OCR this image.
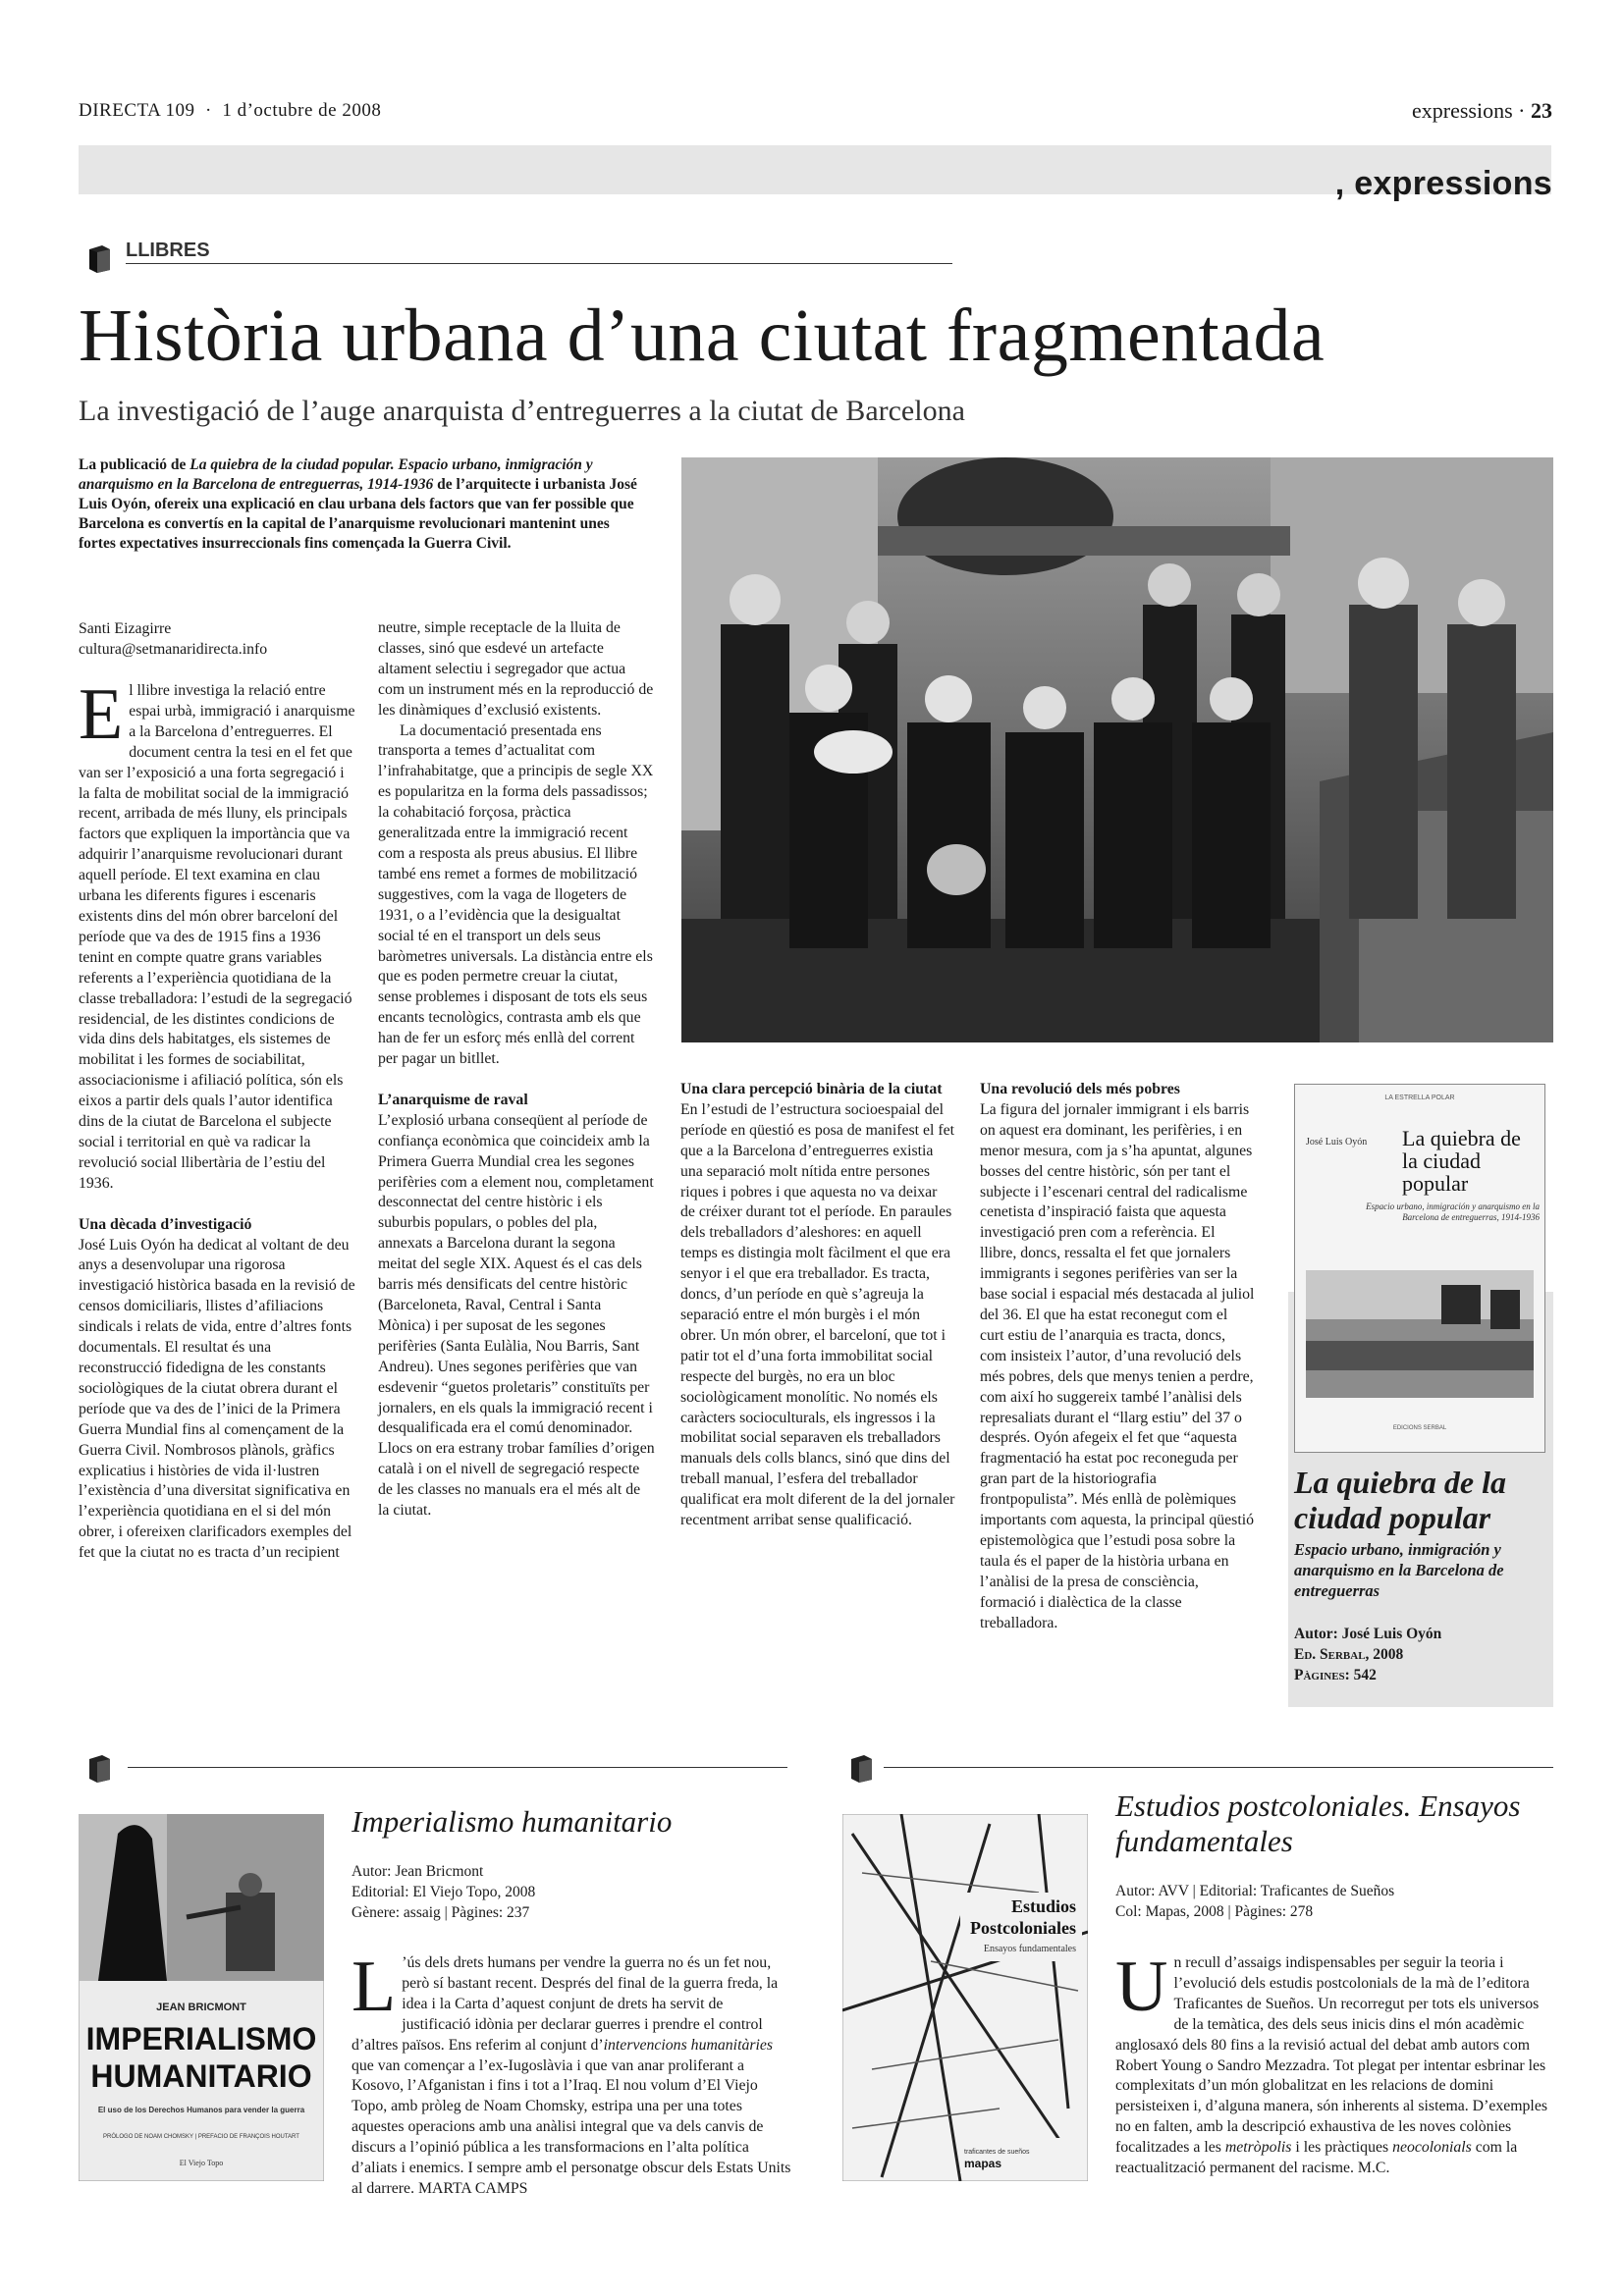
DIRECTA 109 · 1 d’octubre de 2008	expressions · 23
, expressions
LLIBRES
Història urbana d’una ciutat fragmentada
La investigació de l’auge anarquista d’entreguerres a la ciutat de Barcelona
La publicació de La quiebra de la ciudad popular. Espacio urbano, inmigración y anarquismo en la Barcelona de entreguerras, 1914-1936 de l’arquitecte i urbanista José Luis Oyón, ofereix una explicació en clau urbana dels factors que van fer possible que Barcelona es convertís en la capital de l’anarquisme revolucionari mantenint unes fortes expectatives insurreccionals fins començada la Guerra Civil.
Santi Eizagirre
cultura@setmanaridirecta.info

El llibre investiga la relació entre espai urbà, immigració i anarquisme a la Barcelona d’entreguerres. El document centra la tesi en el fet que van ser l’exposició a una forta segregació i la falta de mobilitat social de la immigració recent, arribada de més lluny, els principals factors que expliquen la importància que va adquirir l’anarquisme revolucionari durant aquell període. El text examina en clau urbana les diferents figures i escenaris existents dins del món obrer barceloní del període que va des de 1915 fins a 1936 tenint en compte quatre grans variables referents a l’experiència quotidiana de la classe treballadora: l’estudi de la segregació residencial, de les distintes condicions de vida dins dels habitatges, els sistemes de mobilitat i les formes de sociabilitat, associacionisme i afiliació política, són els eixos a partir dels quals l’autor identifica dins de la ciutat de Barcelona el subjecte social i territorial en què va radicar la revolució social llibertària de l’estiu del 1936.

Una dècada d’investigació

José Luis Oyón ha dedicat al voltant de deu anys a desenvolupar una rigorosa investigació històrica basada en la revisió de censos domiciliaris, llistes d’afiliacions sindicals i relats de vida, entre d’altres fonts documentals. El resultat és una reconstrucció fidedigna de les constants sociològiques de la ciutat obrera durant el període que va des de l’inici de la Primera Guerra Mundial fins al començament de la Guerra Civil. Nombrosos plànols, gràfics explicatius i històries de vida il·lustren l’existència d’una diversitat significativa en l’experiència quotidiana en el si del món obrer, i ofereixen clarificadors exemples del fet que la ciutat no es tracta d’un recipient

neutre, simple receptacle de la lluita de classes, sinó que esdevé un artefacte altament selectiu i segregador que actua com un instrument més en la reproducció de les dinàmiques d’exclusió existents.

La documentació presentada ens transporta a temes d’actualitat com l’infrahabitatge, que a principis de segle XX es popularitza en la forma dels passadissos; la cohabitació forçosa, pràctica generalitzada entre la immigració recent com a resposta als preus abusius. El llibre també ens remet a formes de mobilització suggestives, com la vaga de llogeters de 1931, o a l’evidència que la desigualtat social té en el transport un dels seus baròmetres universals. La distància entre els que es poden permetre creuar la ciutat, sense problemes i disposant de tots els seus encants tecnològics, contrasta amb els que han de fer un esforç més enllà del corrent per pagar un bitllet.

L’anarquisme de raval

L’explosió urbana conseqüent al període de confiança econòmica que coincideix amb la Primera Guerra Mundial crea les segones perifèries com a element nou, completament desconnectat del centre històric i els suburbis populars, o pobles del pla, annexats a Barcelona durant la segona meitat del segle XIX. Aquest és el cas dels barris més densificats del centre històric (Barceloneta, Raval, Central i Santa Mònica) i per suposat de les segones perifèries (Santa Eulàlia, Nou Barris, Sant Andreu). Unes segones perifèries que van esdevenir “guetos proletaris” constituïts per jornalers, en els quals la immigració recent i desqualificada era el comú denominador. Llocs on era estrany trobar famílies d’origen català i on el nivell de segregació respecte de les classes no manuals era el més alt de la ciutat.

Una clara percepció binària de la ciutat

En l’estudi de l’estructura socioespaial del període en qüestió es posa de manifest el fet que a la Barcelona d’entreguerres existia una separació molt nítida entre persones riques i pobres i que aquesta no va deixar de créixer durant tot el període. En paraules dels treballadors d’aleshores: en aquell temps es distingia molt fàcilment el que era senyor i el que era treballador. Es tracta, doncs, d’un període en què s’agreuja la separació entre el món burgès i el món obrer. Un món obrer, el barceloní, que tot i patir tot el d’una forta immobilitat social respecte del burgès, no era un bloc sociològicament monolític. No només els caràcters socioculturals, els ingressos i la mobilitat social separaven els treballadors manuals dels colls blancs, sinó que dins del treball manual, l’esfera del treballador qualificat era molt diferent de la del jornaler recentment arribat sense qualificació.

Una revolució dels més pobres

La figura del jornaler immigrant i els barris on aquest era dominant, les perifèries, i en menor mesura, com ja s’ha apuntat, algunes bosses del centre històric, són per tant el subjecte i l’escenari central del radicalisme cenetista d’inspiració faista que aquesta investigació pren com a referència. El llibre, doncs, ressalta el fet que jornalers immigrants i segones perifèries van ser la base social i espacial més destacada al juliol del 36. El que ha estat reconegut com el curt estiu de l’anarquia es tracta, doncs, com insisteix l’autor, d’una revolució dels més pobres, dels que menys tenien a perdre, com així ho suggereix també l’anàlisi dels represaliats durant el “llarg estiu” del 37 o després. Oyón afegeix el fet que “aquesta fragmentació ha estat poc reconeguda per gran part de la historiografia frontpopulista”. Més enllà de polèmiques importants com aquesta, la principal qüestió epistemològica que l’estudi posa sobre la taula és el paper de la història urbana en l’anàlisi de la presa de consciència, formació i dialèctica de la classe treballadora.

LA ESTRELLA POLAR
José Luis Oyón La quiebra de la ciudad popular
Espacio urbano, inmigración y anarquismo en la Barcelona de entreguerras, 1914-1936
EDICIONS SERBAL
La quiebra de la ciudad popular
Espacio urbano, inmigración y anarquismo en la Barcelona de entreguerras
Autor: José Luis Oyón
Ed. Serbal, 2008
Pàgines: 542
JEAN BRICMONT
IMPERIALISMO
HUMANITARIO
El uso de los Derechos Humanos para vender la guerra
PRÓLOGO DE NOAM CHOMSKY | PREFACIO DE FRANÇOIS HOUTART
El Viejo Topo
Imperialismo humanitario
Autor: Jean Bricmont
Editorial: El Viejo Topo, 2008
Gènere: assaig | Pàgines: 237
L ’ús dels drets humans per vendre la guerra no és un fet nou, però sí bastant recent. Després del final de la guerra freda, la idea i la Carta d’aquest conjunt de drets ha servit de justificació idònia per declarar guerres i prendre el control d’altres països. Ens referim al conjunt d’intervencions humanitàries que van començar a l’ex-Iugoslàvia i que van anar proliferant a Kosovo, l’Afganistan i fins i tot a l’Iraq. El nou volum d’El Viejo Topo, amb pròleg de Noam Chomsky, estripa una per una totes aquestes operacions amb una anàlisi integral que va dels canvis de discurs a l’opinió pública a les transformacions en l’alta política d’aliats i enemics. I sempre amb el personatge obscur dels Estats Units al darrere. MARTA CAMPS
Estudios
Postcoloniales
Ensayos fundamentales
traficantes de sueños
mapas
Estudios postcoloniales. Ensayos fundamentales
Autor: AVV | Editorial: Traficantes de Sueños
Col: Mapas, 2008 | Pàgines: 278
Un recull d’assaigs indispensables per seguir la teoria i l’evolució dels estudis postcolonials de la mà de l’editora Traficantes de Sueños. Un recorregut per tots els universos de la temàtica, des dels seus inicis dins el món acadèmic anglosaxó dels 80 fins a la revisió actual del debat amb autors com Robert Young o Sandro Mezzadra. Tot plegat per intentar esbrinar les complexitats d’un món globalitzat en les relacions de domini persisteixen i, d’alguna manera, són inherents al sistema. D’exemples no en falten, amb la descripció exhaustiva de les noves colònies focalitzades a les metròpolis i les pràctiques neocolonials com la reactualització permanent del racisme. M.C.
